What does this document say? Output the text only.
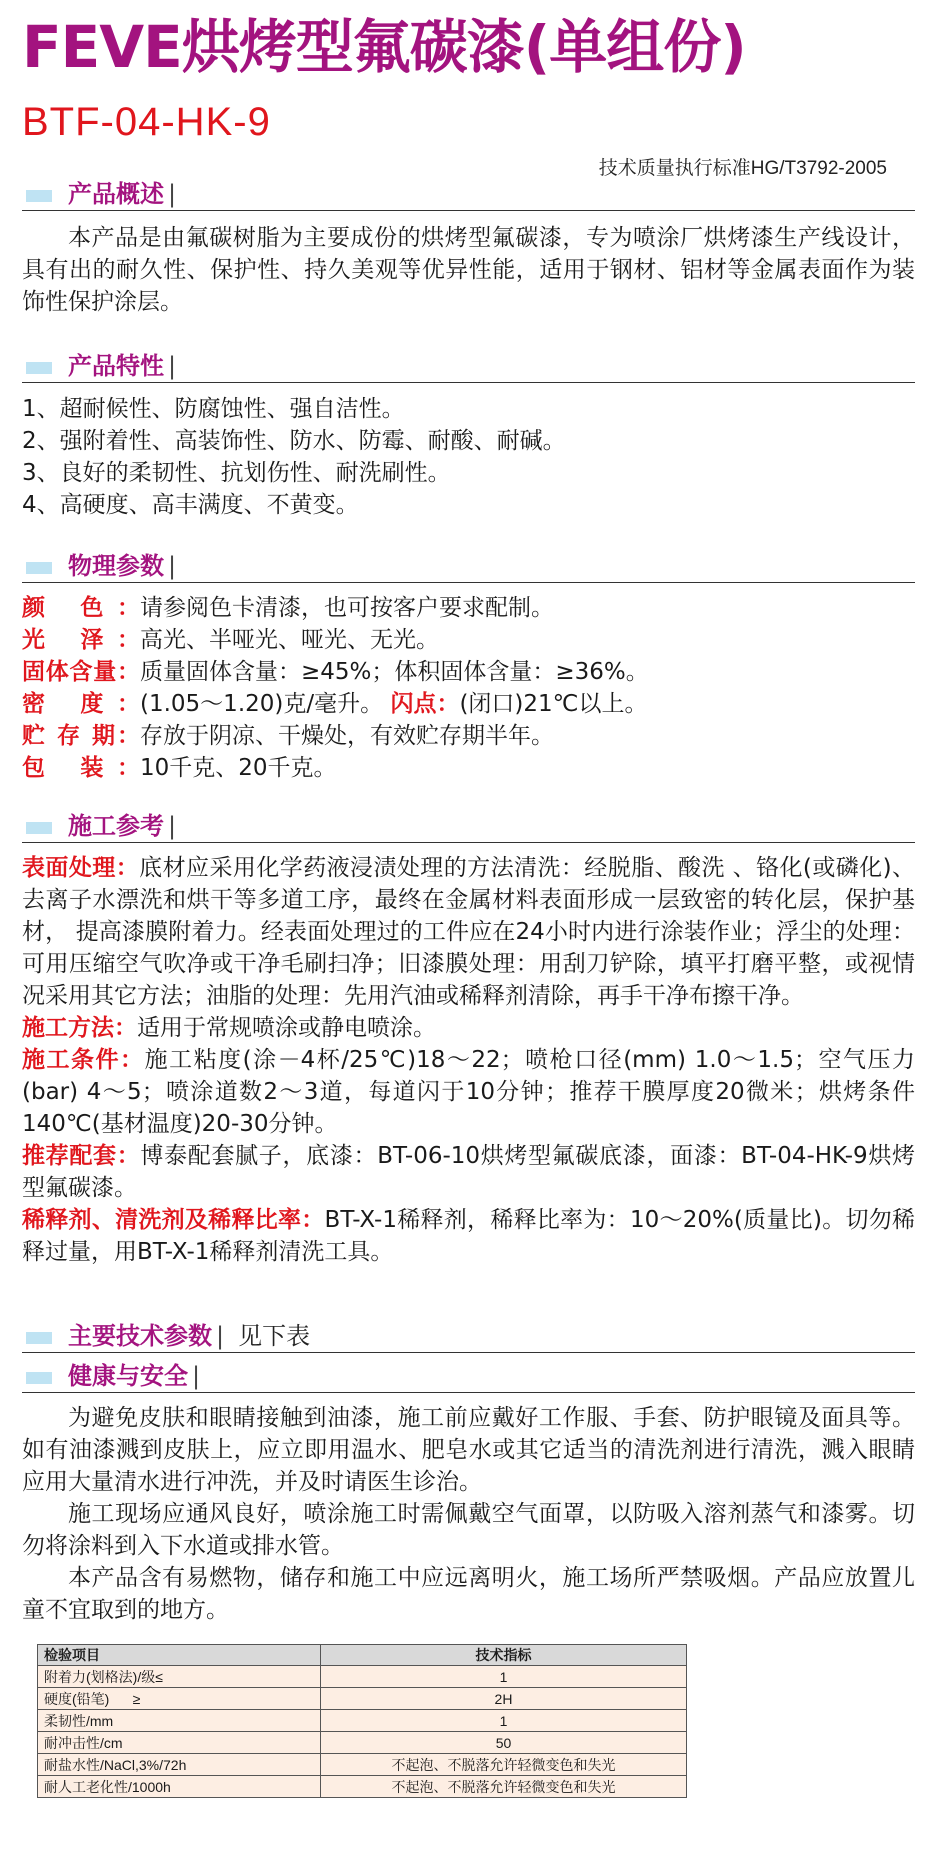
FEVE烘烤型氟碳漆(单组份)
BTF-04-HK-9
技术质量执行标准HG/T3792-2005
产品概述 |
本产品是由氟碳树脂为主要成份的烘烤型氟碳漆，专为喷涂厂烘烤漆生产线设计，具有出的耐久性、保护性、持久美观等优异性能，适用于钢材、铝材等金属表面作为装饰性保护涂层。
产品特性 |
1、超耐候性、防腐蚀性、强自洁性。
2、强附着性、高装饰性、防水、防霉、耐酸、耐碱。
3、良好的柔韧性、抗划伤性、耐洗刷性。
4、高硬度、高丰满度、不黄变。
物理参数 |
颜 色：请参阅色卡清漆，也可按客户要求配制。
光 泽：高光、半哑光、哑光、无光。
固体含量：质量固体含量：≥45%；体积固体含量：≥36%。
密 度：(1.05～1.20)克/毫升。 闪点：(闭口)21℃以上。
贮 存 期：存放于阴凉、干燥处，有效贮存期半年。
包 装：10千克、20千克。
施工参考 |

表面处理：底材应采用化学药液浸渍处理的方法清洗：经脱脂、酸洗 、铬化(或磷化)、去离子水漂洗和烘干等多道工序，最终在金属材料表面形成一层致密的转化层，保护基材， 提高漆膜附着力。经表面处理过的工件应在24小时内进行涂装作业；浮尘的处理：可用压缩空气吹净或干净毛刷扫净；旧漆膜处理：用刮刀铲除，填平打磨平整，或视情况采用其它方法；油脂的处理：先用汽油或稀释剂清除，再手干净布擦干净。

施工方法：适用于常规喷涂或静电喷涂。

施工条件：施工粘度(涂－4杯/25℃)18～22；喷枪口径(mm) 1.0～1.5；空气压力(bar) 4～5；喷涂道数2～3道，每道闪于10分钟；推荐干膜厚度20微米；烘烤条件140℃(基材温度)20-30分钟。

推荐配套：博泰配套腻子，底漆：BT-06-10烘烤型氟碳底漆，面漆：BT-04-HK-9烘烤型氟碳漆。

稀释剂、清洗剂及稀释比率：BT-X-1稀释剂，稀释比率为：10～20%(质量比)。切勿稀释过量，用BT-X-1稀释剂清洗工具。

主要技术参数 | 见下表
健康与安全 |
为避免皮肤和眼睛接触到油漆，施工前应戴好工作服、手套、防护眼镜及面具等。如有油漆溅到皮肤上，应立即用温水、肥皂水或其它适当的清洗剂进行清洗，溅入眼睛应用大量清水进行冲洗，并及时请医生诊治。
施工现场应通风良好，喷涂施工时需佩戴空气面罩，以防吸入溶剂蒸气和漆雾。切勿将涂料到入下水道或排水管。
本产品含有易燃物，储存和施工中应远离明火，施工场所严禁吸烟。产品应放置儿童不宜取到的地方。
检验项目	技术指标
附着力(划格法)/级≤	1
硬度(铅笔)      ≥	2H
柔韧性/mm	1
耐冲击性/cm	50
耐盐水性/NaCl,3%/72h	不起泡、不脱落允许轻微变色和失光
耐人工老化性/1000h	不起泡、不脱落允许轻微变色和失光
